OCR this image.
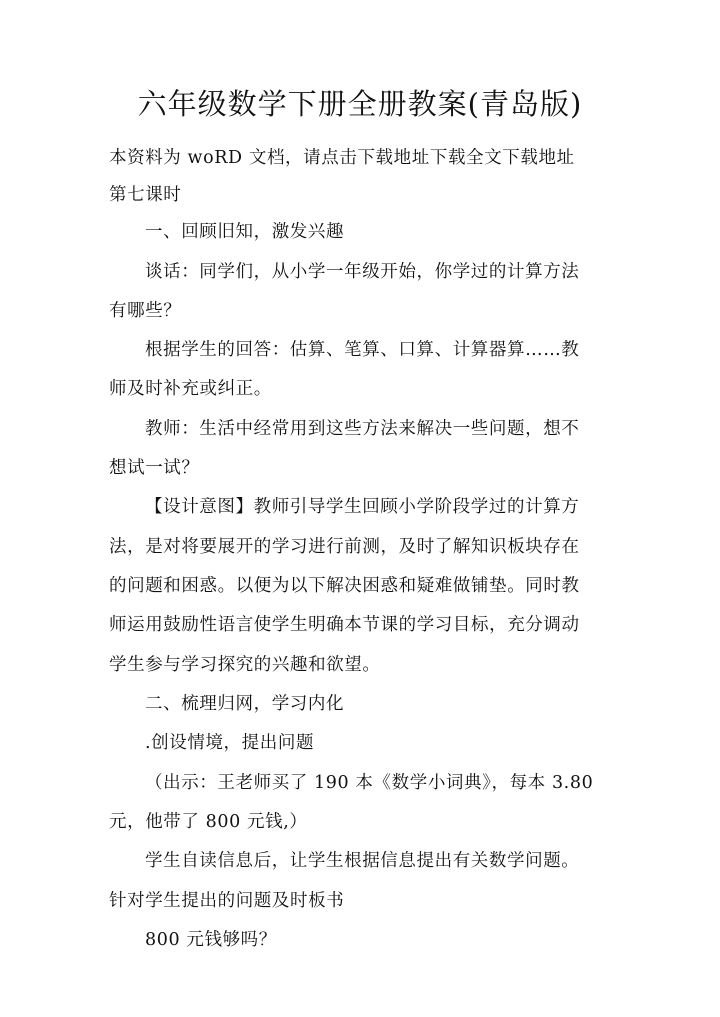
六年级数学下册全册教案(青岛版)
本资料为 woRD 文档，请点击下载地址下载全文下载地址
第七课时
一、回顾旧知，激发兴趣
谈话：同学们，从小学一年级开始，你学过的计算方法
有哪些？
根据学生的回答：估算、笔算、口算、计算器算……教
师及时补充或纠正。
教师：生活中经常用到这些方法来解决一些问题，想不
想试一试？
【设计意图】教师引导学生回顾小学阶段学过的计算方
法，是对将要展开的学习进行前测，及时了解知识板块存在
的问题和困惑。以便为以下解决困惑和疑难做铺垫。同时教
师运用鼓励性语言使学生明确本节课的学习目标，充分调动
学生参与学习探究的兴趣和欲望。
二、梳理归网，学习内化
.创设情境，提出问题
（出示：王老师买了 190 本《数学小词典》，每本 3.80
元，他带了 800 元钱,）
学生自读信息后，让学生根据信息提出有关数学问题。
针对学生提出的问题及时板书
800 元钱够吗？
